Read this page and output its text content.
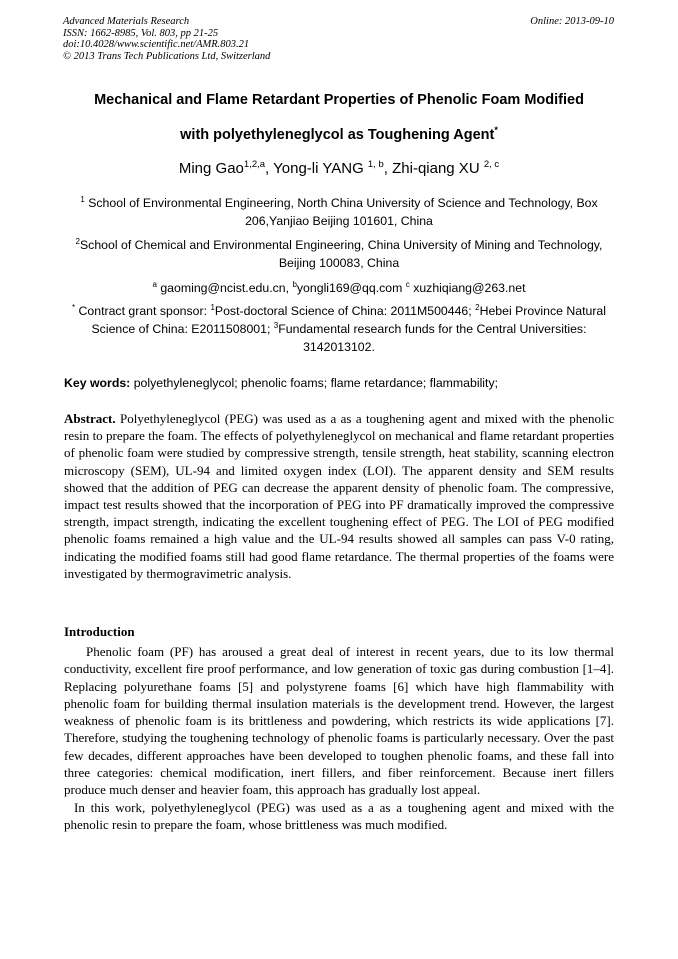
Advanced Materials Research
ISSN: 1662-8985, Vol. 803, pp 21-25
doi:10.4028/www.scientific.net/AMR.803.21
© 2013 Trans Tech Publications Ltd, Switzerland
Online: 2013-09-10
Mechanical and Flame Retardant Properties of Phenolic Foam Modified
with polyethyleneglycol as Toughening Agent*
Ming Gao$^{1,2,a}$, Yong-li YANG $^{1, b}$, Zhi-qiang XU $^{2, c}$
$^1$ School of Environmental Engineering, North China University of Science and Technology, Box 206,Yanjiao Beijing 101601, China
$^2$School of Chemical and Environmental Engineering, China University of Mining and Technology, Beijing 100083, China
$^a$ gaoming@ncist.edu.cn, $^b$yongli169@qq.com $^c$ xuzhiqiang@263.net
* Contract grant sponsor: $^1$Post-doctoral Science of China: 2011M500446; $^2$Hebei Province Natural Science of China: E2011508001; $^3$Fundamental research funds for the Central Universities: 3142013102.
Key words: polyethyleneglycol; phenolic foams; flame retardance; flammability;
Abstract. Polyethyleneglycol (PEG) was used as a as a toughening agent and mixed with the phenolic resin to prepare the foam. The effects of polyethyleneglycol on mechanical and flame retardant properties of phenolic foam were studied by compressive strength, tensile strength, heat stability, scanning electron microscopy (SEM), UL-94 and limited oxygen index (LOI). The apparent density and SEM results showed that the addition of PEG can decrease the apparent density of phenolic foam. The compressive, impact test results showed that the incorporation of PEG into PF dramatically improved the compressive strength, impact strength, indicating the excellent toughening effect of PEG. The LOI of PEG modified phenolic foams remained a high value and the UL-94 results showed all samples can pass V-0 rating, indicating the modified foams still had good flame retardance. The thermal properties of the foams were investigated by thermogravimetric analysis.
Introduction

Phenolic foam (PF) has aroused a great deal of interest in recent years, due to its low thermal conductivity, excellent fire proof performance, and low generation of toxic gas during combustion [1–4]. Replacing polyurethane foams [5] and polystyrene foams [6] which have high flammability with phenolic foam for building thermal insulation materials is the development trend. However, the largest weakness of phenolic foam is its brittleness and powdering, which restricts its wide applications [7]. Therefore, studying the toughening technology of phenolic foams is particularly necessary. Over the past few decades, different approaches have been developed to toughen phenolic foams, and these fall into three categories: chemical modification, inert fillers, and fiber reinforcement. Because inert fillers produce much denser and heavier foam, this approach has gradually lost appeal.

In this work, polyethyleneglycol (PEG) was used as a as a toughening agent and mixed with the phenolic resin to prepare the foam, whose brittleness was much modified.
